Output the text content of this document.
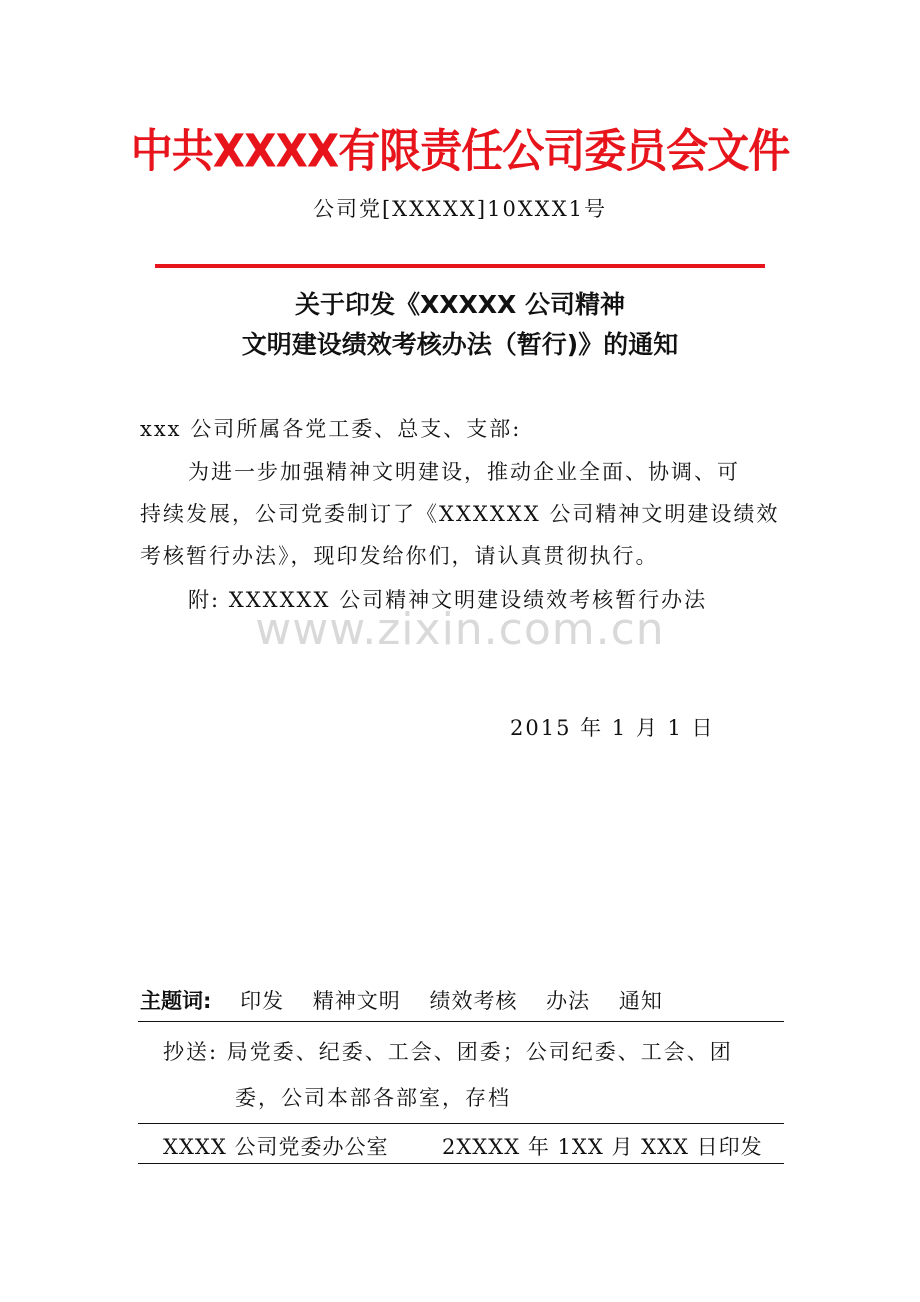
中共XXXX有限责任公司委员会文件
公司党[XXXXX]10XXX1号
关于印发《XXXXX 公司精神
文明建设绩效考核办法（暂行)》的通知
xxx 公司所属各党工委、总支、支部:
为进一步加强精神文明建设，推动企业全面、协调、可
持续发展，公司党委制订了《XXXXXX 公司精神文明建设绩效
考核暂行办法》，现印发给你们，请认真贯彻执行。
附: XXXXXX 公司精神文明建设绩效考核暂行办法
www.zixin.com.cn
2015 年 1 月 1 日
主题词: 印发 精神文明 绩效考核 办法 通知
抄送: 局党委、纪委、工会、团委；公司纪委、工会、团
委，公司本部各部室，存档
XXXX 公司党委办公室	2XXXX 年 1XX 月 XXX 日印发
